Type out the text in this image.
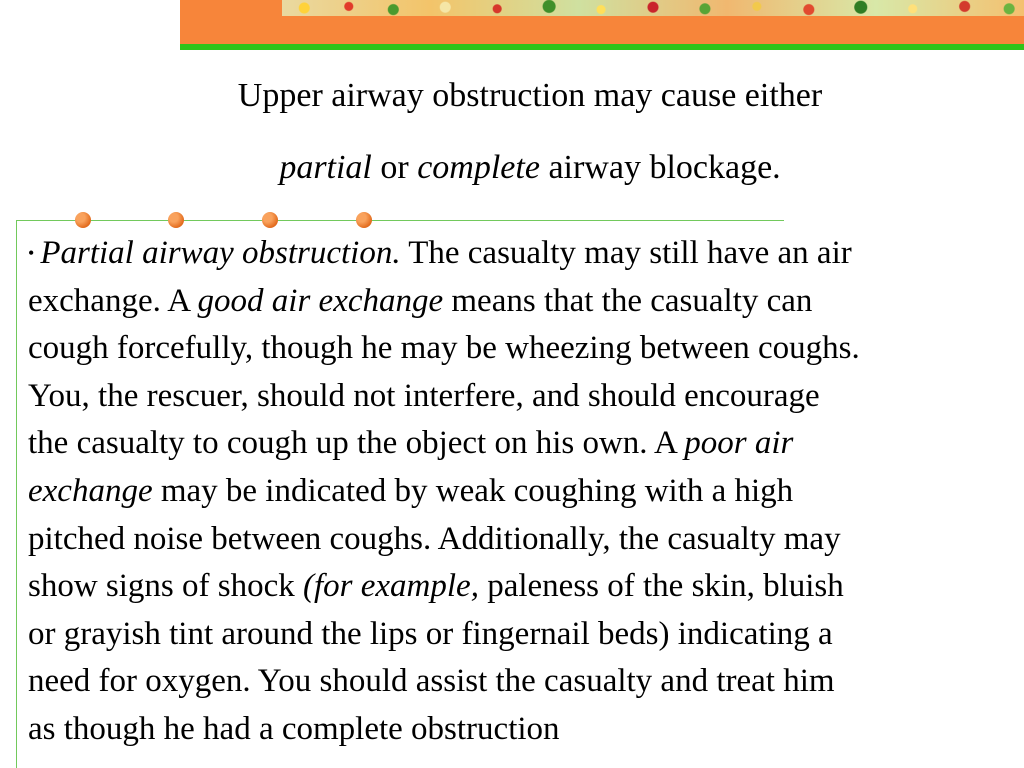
Upper airway obstruction may cause either
partial or complete airway blockage.
• Partial airway obstruction. The casualty may still have an air
exchange. A good air exchange means that the casualty can
cough forcefully, though he may be wheezing between coughs.
You, the rescuer, should not interfere, and should encourage
the casualty to cough up the object on his own. A poor air
exchange may be indicated by weak coughing with a high
pitched noise between coughs. Additionally, the casualty may
show signs of shock (for example, paleness of the skin, bluish
or grayish tint around the lips or fingernail beds) indicating a
need for oxygen. You should assist the casualty and treat him
as though he had a complete obstruction
